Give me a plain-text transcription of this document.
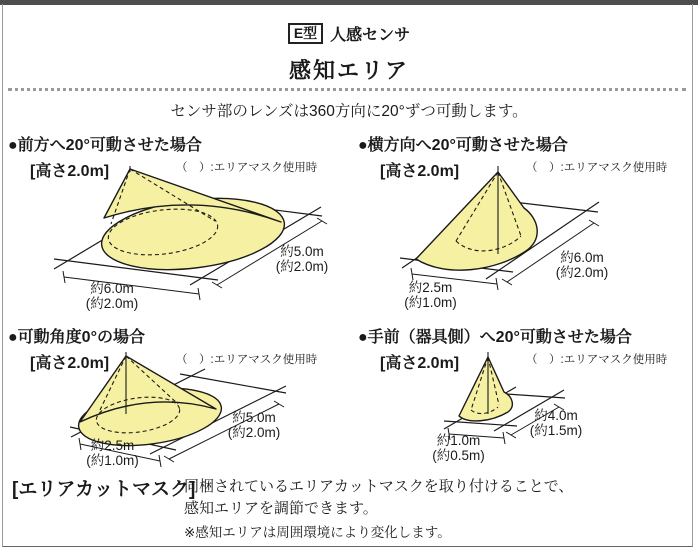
E型 人感センサ
感知エリア
センサ部のレンズは360方向に20°ずつ可動します。
●前方へ20°可動させた場合
[高さ2.0m]	（　）:エリアマスク使用時
約5.0m
(約2.0m)
約6.0m
(約2.0m)
●横方向へ20°可動させた場合
[高さ2.0m]	（　）:エリアマスク使用時
約6.0m
(約2.0m)
約2.5m
(約1.0m)
●可動角度0°の場合
[高さ2.0m]	（　）:エリアマスク使用時
約5.0m
(約2.0m)
約2.5m
(約1.0m)
●手前（器具側）へ20°可動させた場合
[高さ2.0m]	（　）:エリアマスク使用時
約4.0m
(約1.5m)
約1.0m
(約0.5m)
[エリアカットマスク]
同梱されているエリアカットマスクを取り付けることで、
感知エリアを調節できます。
※感知エリアは周囲環境により変化します。
